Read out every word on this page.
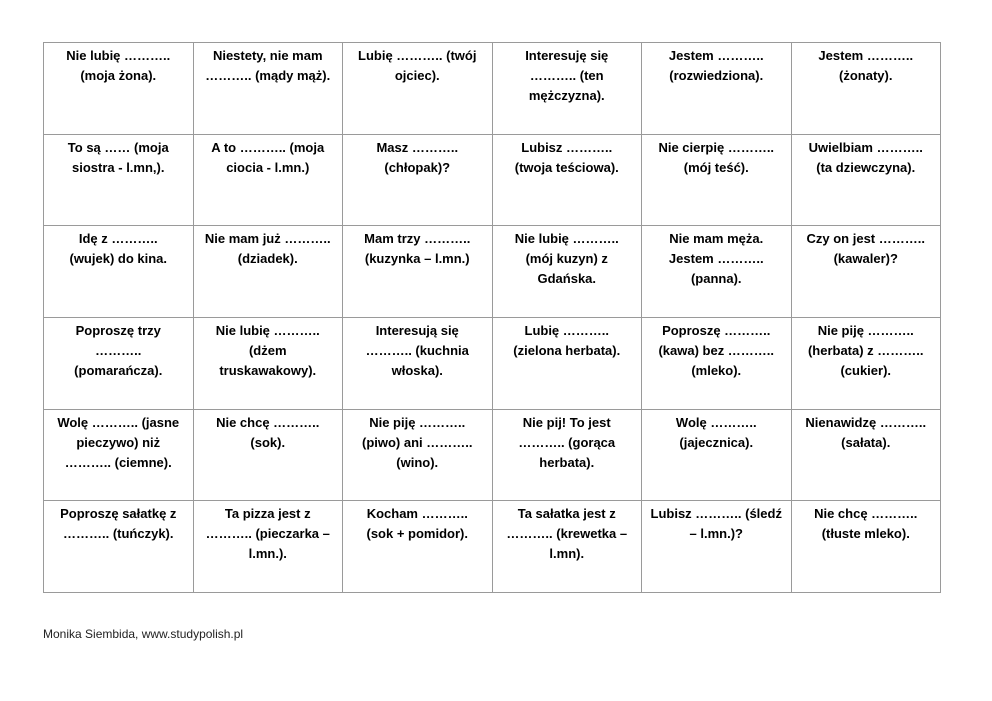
Nie lubię ………..
(moja żona).	Niestety, nie mam
……….. (mądy mąż).	Lubię ……….. (twój
ojciec).	Interesuję się
……….. (ten
mężczyzna).	Jestem ………..
(rozwiedziona).	Jestem ………..
(żonaty).
To są …… (moja
siostra - l.mn,).	A to ……….. (moja
ciocia - l.mn.)	Masz ………..
(chłopak)?	Lubisz ………..
(twoja teściowa).	Nie cierpię ………..
(mój teść).	Uwielbiam ………..
(ta dziewczyna).
Idę z ………..
(wujek) do kina.	Nie mam już ………..
(dziadek).	Mam trzy ………..
(kuzynka – l.mn.)	Nie lubię ………..
(mój kuzyn) z
Gdańska.	Nie mam męża.
Jestem ………..
(panna).	Czy on jest ………..
(kawaler)?
Poproszę trzy
………..
(pomarańcza).	Nie lubię ………..
(dżem
truskawakowy).	Interesują się
……….. (kuchnia
włoska).	Lubię ………..
(zielona herbata).	Poproszę ………..
(kawa) bez ………..
(mleko).	Nie piję ………..
(herbata) z ………..
(cukier).
Wolę ……….. (jasne
pieczywo) niż
……….. (ciemne).	Nie chcę ………..
(sok).	Nie piję ………..
(piwo) ani ………..
(wino).	Nie pij! To jest
……….. (gorąca
herbata).	Wolę ………..
(jajecznica).	Nienawidzę ………..
(sałata).
Poproszę sałatkę z
……….. (tuńczyk).	Ta pizza jest z
……….. (pieczarka –
l.mn.).	Kocham ………..
(sok + pomidor).	Ta sałatka jest z
……….. (krewetka –
l.mn).	Lubisz ……….. (śledź
– l.mn.)?	Nie chcę ………..
(tłuste mleko).
Monika Siembida, www.studypolish.pl
